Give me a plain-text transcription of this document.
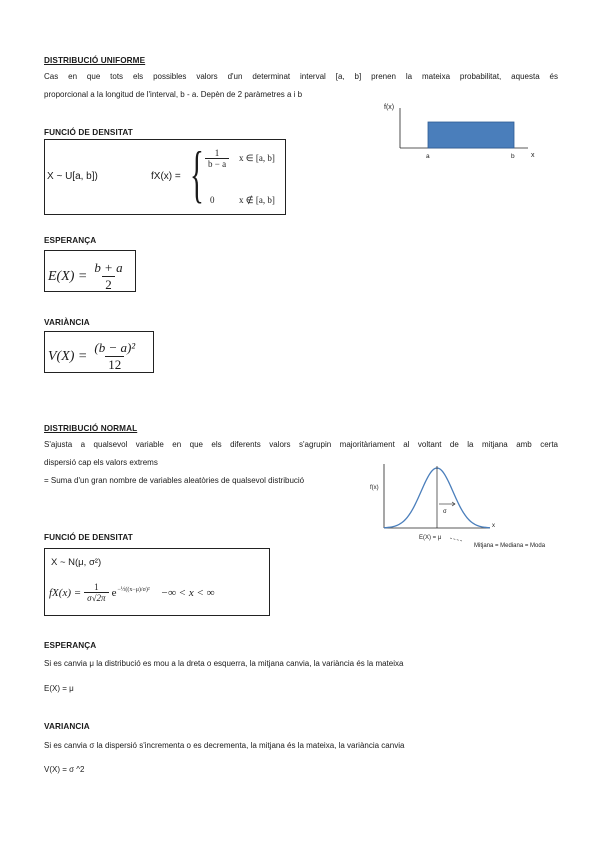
DISTRIBUCIÓ UNIFORME
Cas en que tots els possibles valors d'un determinat interval [a, b] prenen la mateixa probabilitat, aquesta és
proporcional a la longitud de l'interval, b - a. Depèn de 2 paràmetres a i b
f(x)
a	b x
FUNCIÓ DE DENSITAT
X ~ U[a, b])	fX(x) = { $\frac{1}{b - a}$ x ∈ [a, b]
0	x ∉ [a, b]
ESPERANÇA
$E(X) = \frac{b + a}{2}$
VARIÀNCIA
$V(X) = \frac{\text{(b − a)²}}{12}$
DISTRIBUCIÓ NORMAL
S'ajusta a qualsevol variable en que els diferents valors s'agrupin majoritàriament al voltant de la mitjana amb certa
dispersió cap els valors extrems
= Suma d'un gran nombre de variables aleatòries de qualsevol distribució
f(x)
σ
x
E(X) = μ
Mitjana = Mediana = Moda
FUNCIÓ DE DENSITAT
X ~ N(μ, σ²)
$fX(x) = \frac{1}{\sigma√2\pi} e^{-\frac{1}{2}((x-\mu)/\sigma)^2}$ −∞ < x < ∞
ESPERANÇA
Si es canvia μ la distribució es mou a la dreta o esquerra, la mitjana canvia, la variància és la mateixa
E(X) = μ
VARIANCIA
Si es canvia σ la dispersió s'incrementa o es decrementa, la mitjana és la mateixa, la variància canvia
V(X) = σ ^2
